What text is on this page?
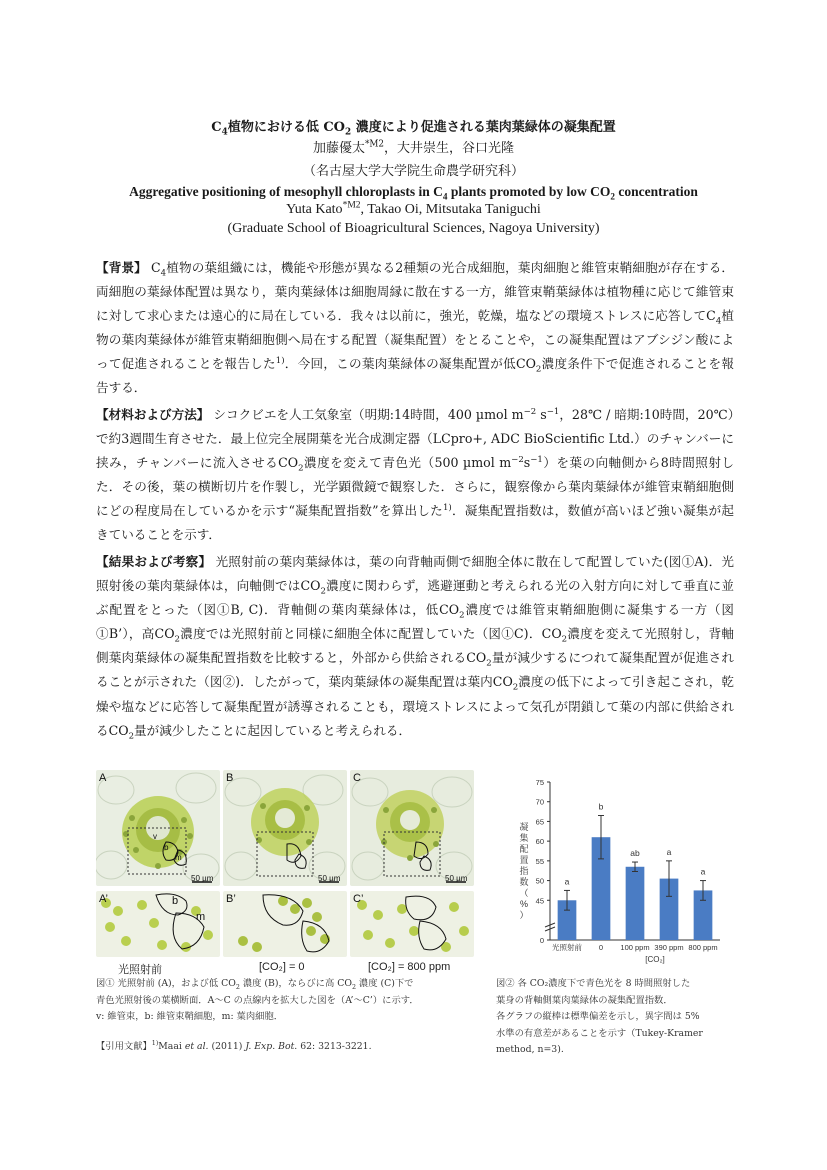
$C_4$植物における低 $CO_2$ 濃度により促進される葉肉葉緑体の凝集配置
加藤優太$^{*M2}$，大井崇生，谷口光隆
（名古屋大学大学院生命農学研究科）
Aggregative positioning of mesophyll chloroplasts in $C_4$ plants promoted by low $CO_2$ concentration
Yuta Kato$^{*M2}$, Takao Oi, Mitsutaka Taniguchi
(Graduate School of Bioagricultural Sciences, Nagoya University)
【背景】 $C_4$植物の葉組織には，機能や形態が異なる2種類の光合成細胞，葉肉細胞と維管束鞘細胞が存在する．両細胞の葉緑体配置は異なり，葉肉葉緑体は細胞周縁に散在する一方，維管束鞘葉緑体は植物種に応じて維管束に対して求心または遠心的に局在している．我々は以前に，強光，乾燥，塩などの環境ストレスに応答して$C_4$植物の葉肉葉緑体が維管束鞘細胞側へ局在する配置（凝集配置）をとることや，この凝集配置はアブシジン酸によって促進されることを報告した$^{1)}$．今回，この葉肉葉緑体の凝集配置が低$CO_2$濃度条件下で促進されることを報告する．
【材料および方法】 シコクビエを人工気象室（明期:14時間，400 µmol $m^{-2}$ $s^{-1}$，28℃ / 暗期:10時間，20℃）で約3週間生育させた．最上位完全展開葉を光合成測定器（LCpro+, ADC BioScientific Ltd.）のチャンバーに挟み，チャンバーに流入させる$CO_2$濃度を変えて青色光（500 µmol $m^{-2}s^{-1}$）を葉の向軸側から8時間照射した．その後，葉の横断切片を作製し，光学顕微鏡で観察した．さらに，観察像から葉肉葉緑体が維管束鞘細胞側にどの程度局在しているかを示す“凝集配置指数”を算出した$^{1)}$．凝集配置指数は，数値が高いほど強い凝集が起きていることを示す．
【結果および考察】 光照射前の葉肉葉緑体は，葉の向背軸両側で細胞全体に散在して配置していた(図①A)．光照射後の葉肉葉緑体は，向軸側では$CO_2$濃度に関わらず，逃避運動と考えられる光の入射方向に対して垂直に並ぶ配置をとった（図①B, C)．背軸側の葉肉葉緑体は，低$CO_2$濃度では維管束鞘細胞側に凝集する一方（図①B’），高$CO_2$濃度では光照射前と同様に細胞全体に配置していた（図①C)．$CO_2$濃度を変えて光照射し，背軸側葉肉葉緑体の凝集配置指数を比較すると，外部から供給される$CO_2$量が減少するにつれて凝集配置が促進されることが示された（図②)．したがって，葉肉葉緑体の凝集配置は葉内$CO_2$濃度の低下によって引き起こされ，乾燥や塩などに応答して凝集配置が誘導されることも，環境ストレスによって気孔が閉鎖して葉の内部に供給される$CO_2$量が減少したことに起因していると考えられる．
A
v
b
m
50 µm
B
50 µm
C
50 µm
A’	b
m
B’	C’
光照射前	[CO₂] = 0	[CO₂] = 800 ppm
図① 光照射前 (A)，および低 $CO_2$ 濃度 (B)，ならびに高 $CO_2$ 濃度 (C)下で
青色光照射後の葉横断面．A～C の点線内を拡大した図を（A’～C’）に示す．
v: 維管束，b: 維管束鞘細胞，m: 葉肉細胞．
【引用文献】$^{1)}$Maai et al. (2011) J. Exp. Bot. 62: 3213-3221.
0
45
50
55
60
65
70
75
凝
集
配
置
指
数
（
%
）
a
光照射前
b
0
ab
100 ppm
a
390 ppm
a
800 ppm
[CO₂]
図② 各 CO₂濃度下で青色光を 8 時間照射した
葉身の背軸側葉肉葉緑体の凝集配置指数．
各グラフの縦棒は標準偏差を示し，異字間は 5%
水準の有意差があることを示す（Tukey‐Kramer
method, n=3).
